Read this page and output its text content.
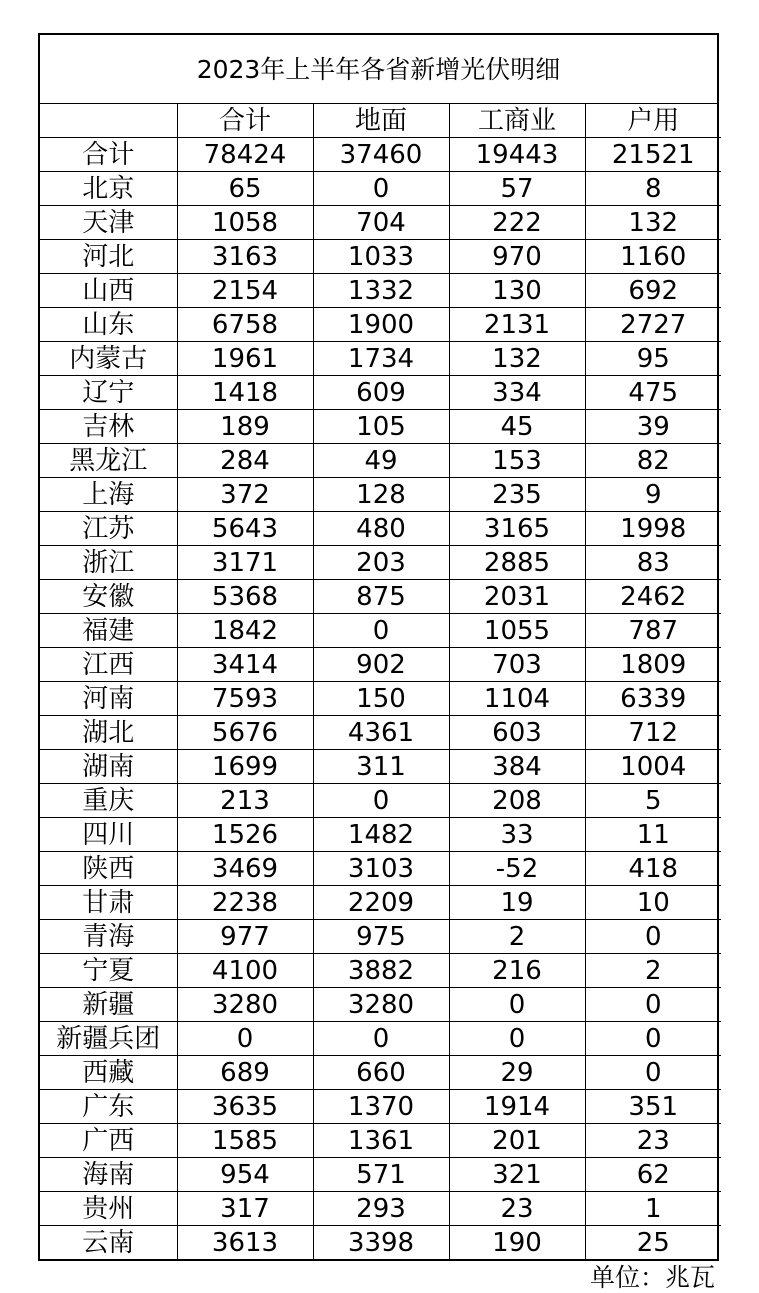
2023年上半年各省新增光伏明细
	合计	地面	工商业	户用
合计	78424	37460	19443	21521
北京	65	0	57	8
天津	1058	704	222	132
河北	3163	1033	970	1160
山西	2154	1332	130	692
山东	6758	1900	2131	2727
内蒙古	1961	1734	132	95
辽宁	1418	609	334	475
吉林	189	105	45	39
黑龙江	284	49	153	82
上海	372	128	235	9
江苏	5643	480	3165	1998
浙江	3171	203	2885	83
安徽	5368	875	2031	2462
福建	1842	0	1055	787
江西	3414	902	703	1809
河南	7593	150	1104	6339
湖北	5676	4361	603	712
湖南	1699	311	384	1004
重庆	213	0	208	5
四川	1526	1482	33	11
陕西	3469	3103	-52	418
甘肃	2238	2209	19	10
青海	977	975	2	0
宁夏	4100	3882	216	2
新疆	3280	3280	0	0
新疆兵团	0	0	0	0
西藏	689	660	29	0
广东	3635	1370	1914	351
广西	1585	1361	201	23
海南	954	571	321	62
贵州	317	293	23	1
云南	3613	3398	190	25
单位：兆瓦
